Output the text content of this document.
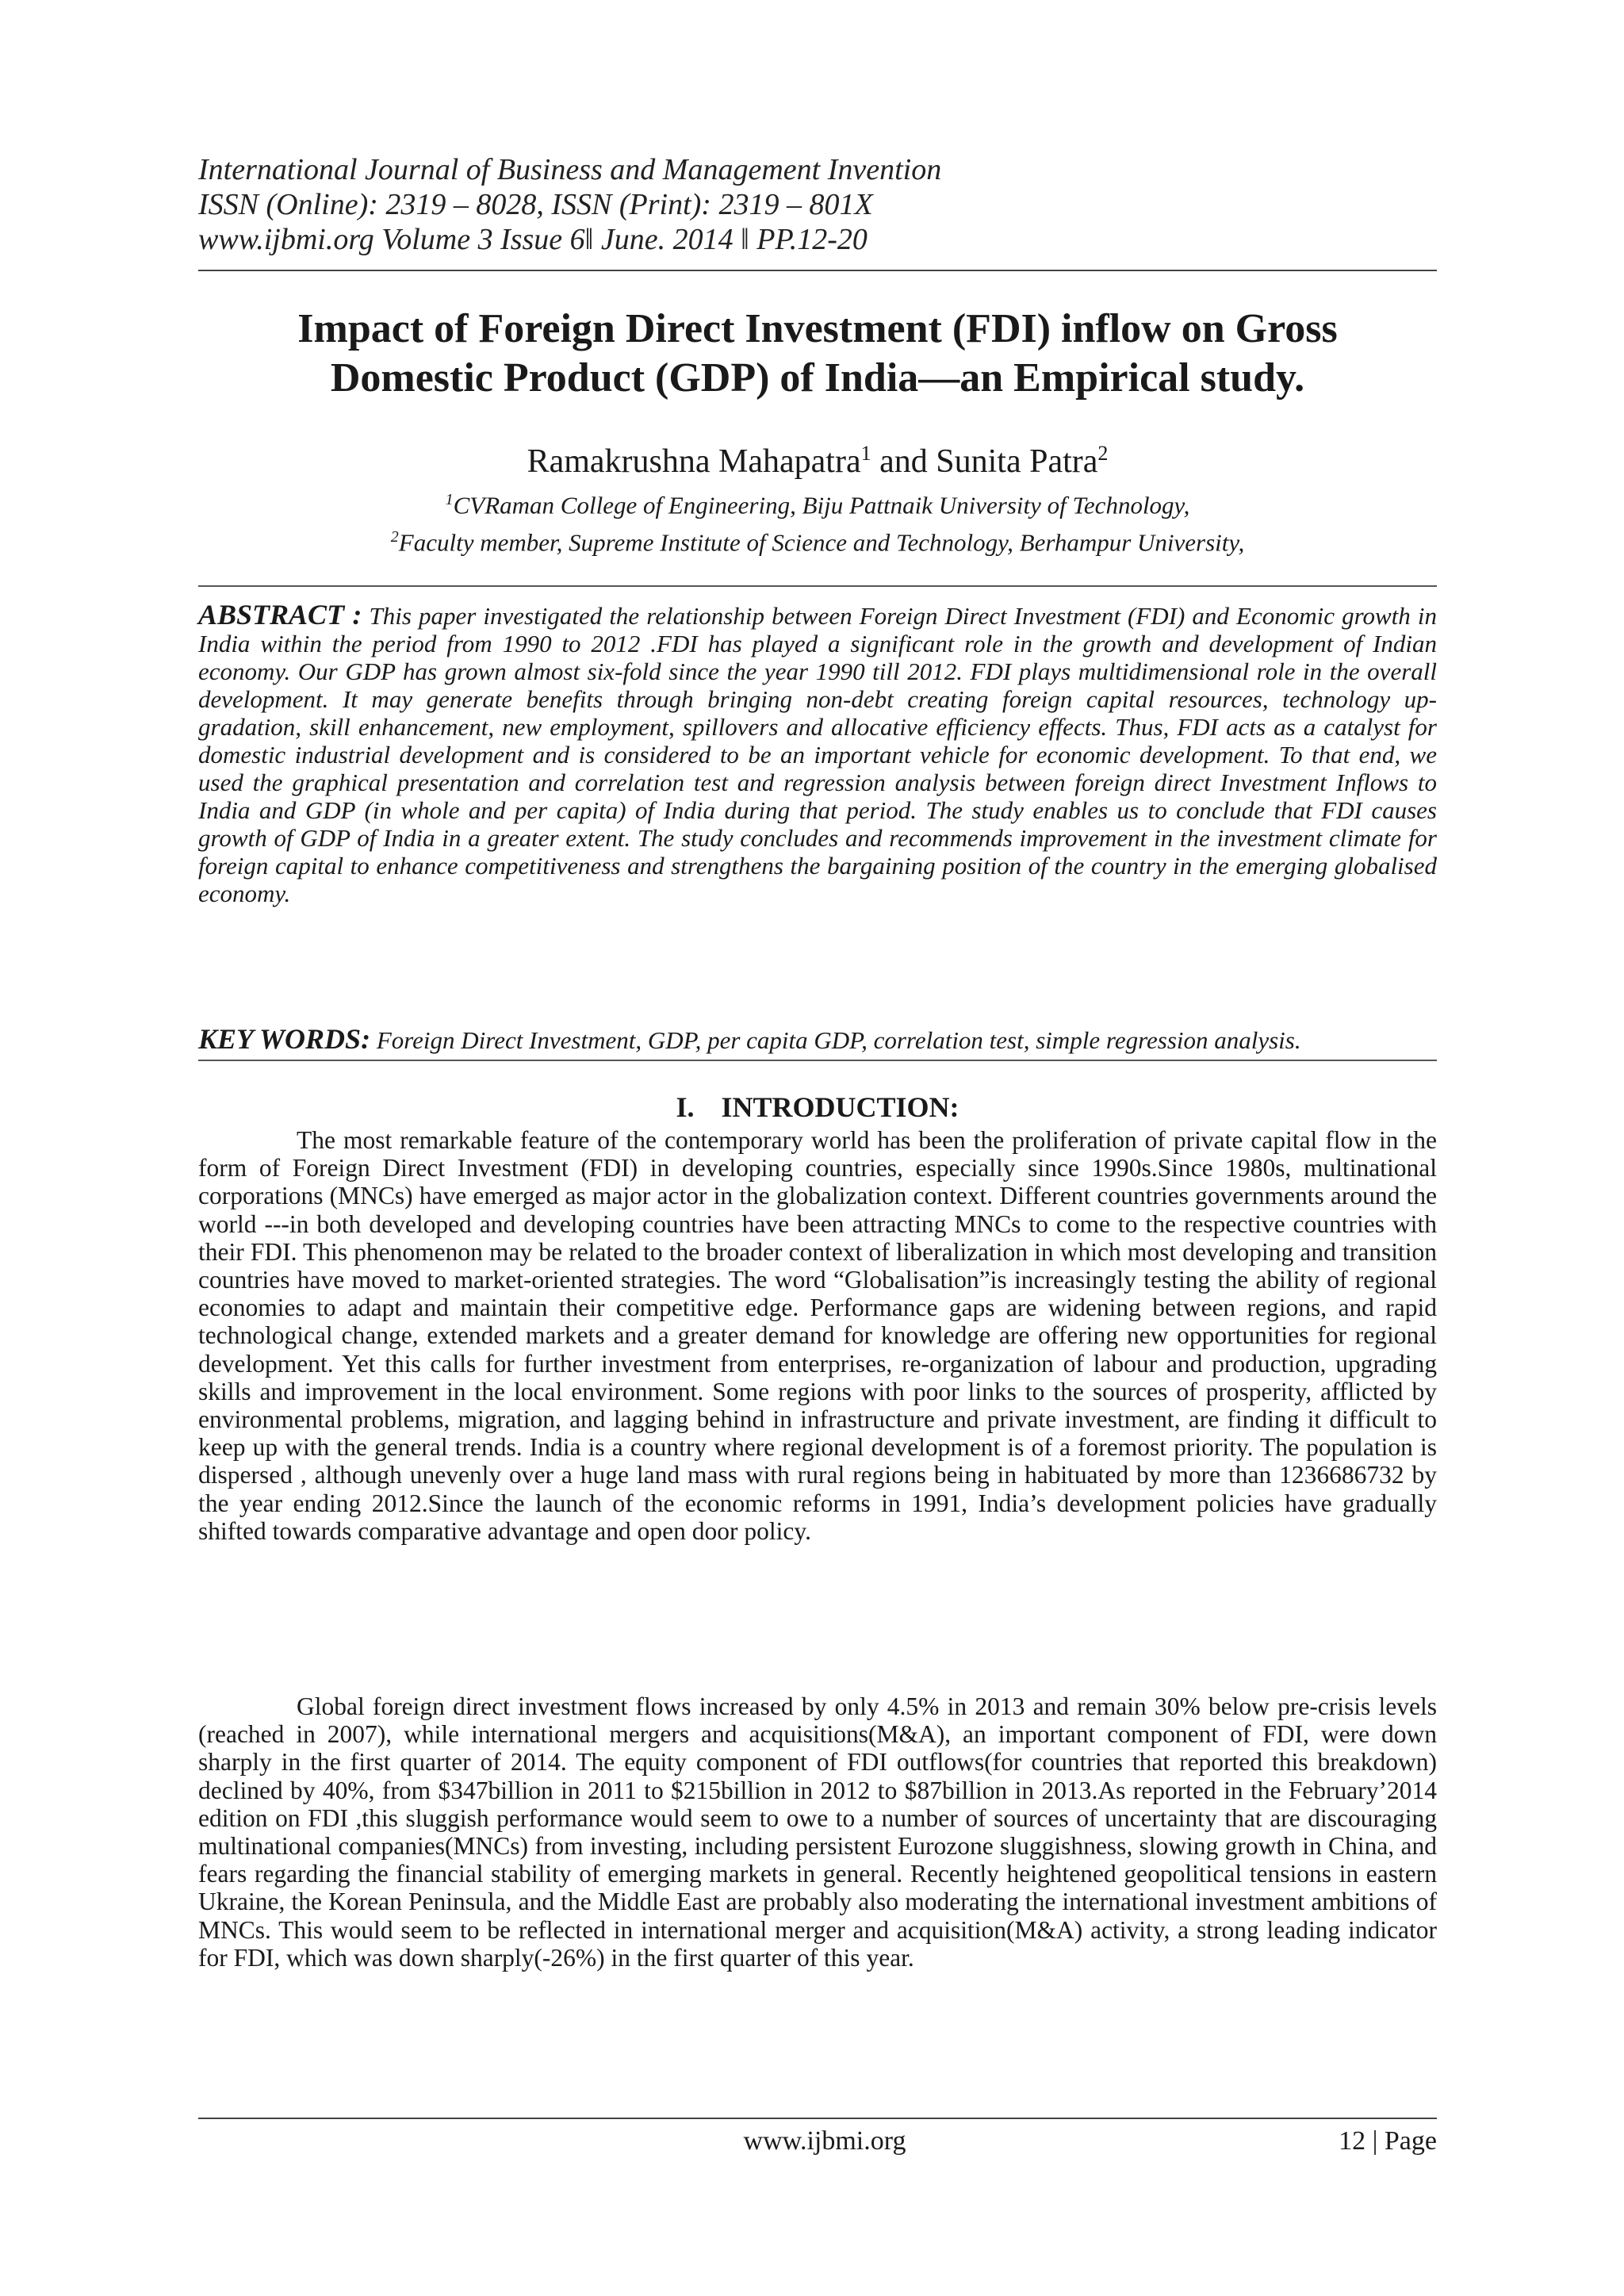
International Journal of Business and Management Invention
ISSN (Online): 2319 – 8028, ISSN (Print): 2319 – 801X
www.ijbmi.org Volume 3 Issue 6‖ June. 2014 ‖ PP.12-20
Impact of Foreign Direct Investment (FDI) inflow on Gross
Domestic Product (GDP) of India—an Empirical study.
Ramakrushna Mahapatra$^1$ and Sunita Patra$^2$
$^1$CVRaman College of Engineering, Biju Pattnaik University of Technology,
$^2$Faculty member, Supreme Institute of Science and Technology, Berhampur University,
ABSTRACT : This paper investigated the relationship between Foreign Direct Investment (FDI) and Economic growth in India within the period from 1990 to 2012 .FDI has played a significant role in the growth and development of Indian economy. Our GDP has grown almost six-fold since the year 1990 till 2012. FDI plays multidimensional role in the overall development. It may generate benefits through bringing non-debt creating foreign capital resources, technology up-gradation, skill enhancement, new employment, spillovers and allocative efficiency effects. Thus, FDI acts as a catalyst for domestic industrial development and is considered to be an important vehicle for economic development. To that end, we used the graphical presentation and correlation test and regression analysis between foreign direct Investment Inflows to India and GDP (in whole and per capita) of India during that period. The study enables us to conclude that FDI causes growth of GDP of India in a greater extent. The study concludes and recommends improvement in the investment climate for foreign capital to enhance competitiveness and strengthens the bargaining position of the country in the emerging globalised economy.
KEY WORDS: Foreign Direct Investment, GDP, per capita GDP, correlation test, simple regression analysis.
I. INTRODUCTION:
The most remarkable feature of the contemporary world has been the proliferation of private capital flow in the form of Foreign Direct Investment (FDI) in developing countries, especially since 1990s.Since 1980s, multinational corporations (MNCs) have emerged as major actor in the globalization context. Different countries governments around the world ---in both developed and developing countries have been attracting MNCs to come to the respective countries with their FDI. This phenomenon may be related to the broader context of liberalization in which most developing and transition countries have moved to market-oriented strategies. The word “Globalisation”is increasingly testing the ability of regional economies to adapt and maintain their competitive edge. Performance gaps are widening between regions, and rapid technological change, extended markets and a greater demand for knowledge are offering new opportunities for regional development. Yet this calls for further investment from enterprises, re-organization of labour and production, upgrading skills and improvement in the local environment. Some regions with poor links to the sources of prosperity, afflicted by environmental problems, migration, and lagging behind in infrastructure and private investment, are finding it difficult to keep up with the general trends. India is a country where regional development is of a foremost priority. The population is dispersed , although unevenly over a huge land mass with rural regions being in habituated by more than 1236686732 by the year ending 2012.Since the launch of the economic reforms in 1991, India’s development policies have gradually shifted towards comparative advantage and open door policy.
Global foreign direct investment flows increased by only 4.5% in 2013 and remain 30% below pre-crisis levels (reached in 2007), while international mergers and acquisitions(M&A), an important component of FDI, were down sharply in the first quarter of 2014. The equity component of FDI outflows(for countries that reported this breakdown) declined by 40%, from $347billion in 2011 to $215billion in 2012 to $87billion in 2013.As reported in the February’2014 edition on FDI ,this sluggish performance would seem to owe to a number of sources of uncertainty that are discouraging multinational companies(MNCs) from investing, including persistent Eurozone sluggishness, slowing growth in China, and fears regarding the financial stability of emerging markets in general. Recently heightened geopolitical tensions in eastern Ukraine, the Korean Peninsula, and the Middle East are probably also moderating the international investment ambitions of MNCs. This would seem to be reflected in international merger and acquisition(M&A) activity, a strong leading indicator for FDI, which was down sharply(-26%) in the first quarter of this year.
www.ijbmi.org	12 | Page
